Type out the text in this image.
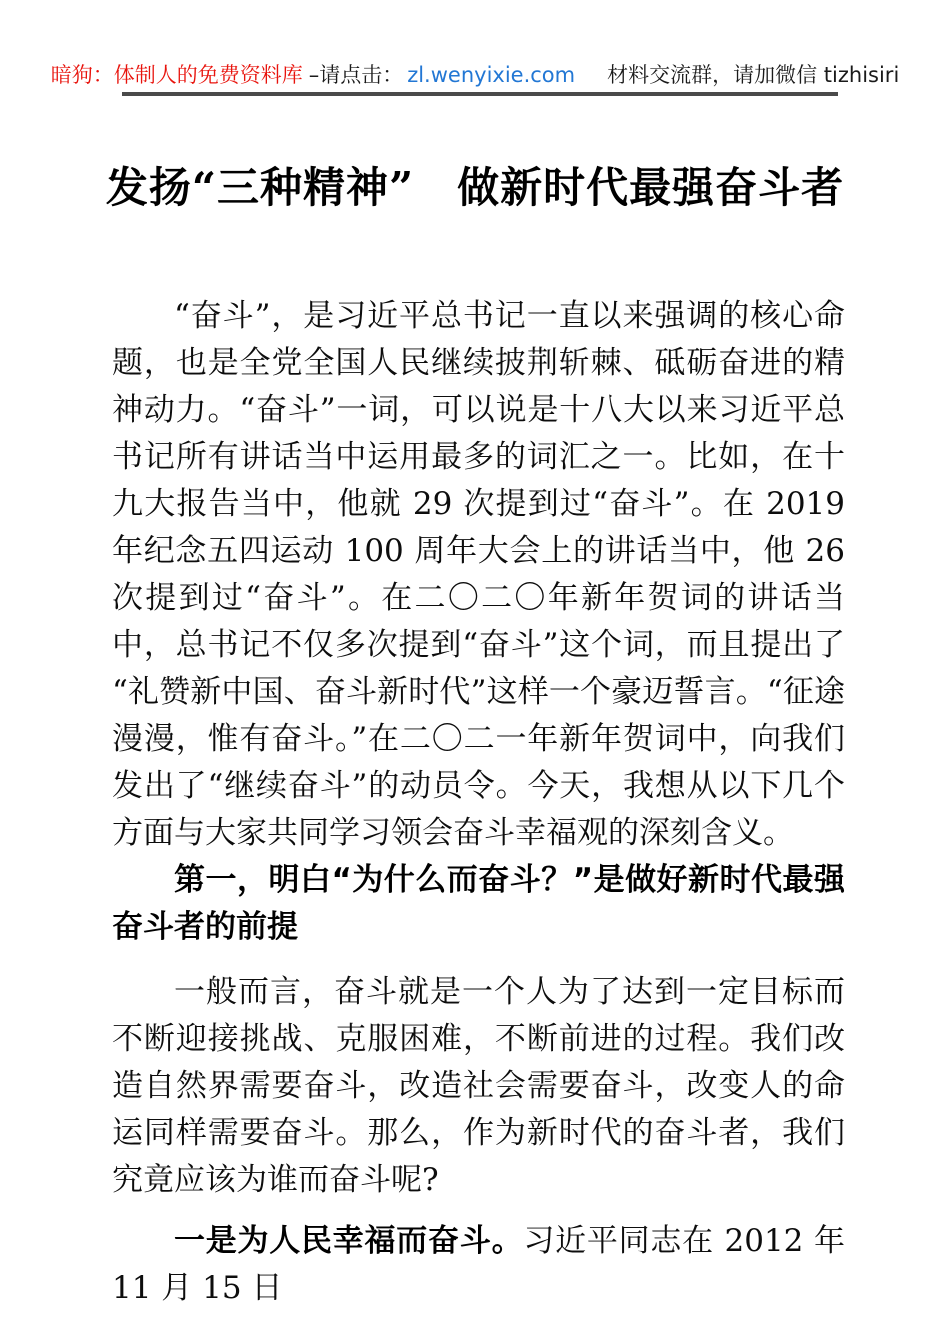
暗狗：体制人的免费资料库 –请点击： zl.wenyixie.com 材料交流群，请加微信 tizhisiri
发扬“三种精神”　做新时代最强奋斗者

“奋斗”，是习近平总书记一直以来强调的核心命题，也是全党全国人民继续披荆斩棘、砥砺奋进的精神动力。“奋斗”一词，可以说是十八大以来习近平总书记所有讲话当中运用最多的词汇之一。比如，在十九大报告当中，他就 29 次提到过“奋斗”。在 2019 年纪念五四运动 100 周年大会上的讲话当中，他 26 次提到过“奋斗”。在二〇二〇年新年贺词的讲话当中，总书记不仅多次提到“奋斗”这个词，而且提出了“礼赞新中国、奋斗新时代”这样一个豪迈誓言。“征途漫漫，惟有奋斗。”在二〇二一年新年贺词中，向我们发出了“继续奋斗”的动员令。今天，我想从以下几个方面与大家共同学习领会奋斗幸福观的深刻含义。

第一，明白“为什么而奋斗？”是做好新时代最强奋斗者的前提

一般而言，奋斗就是一个人为了达到一定目标而不断迎接挑战、克服困难，不断前进的过程。我们改造自然界需要奋斗，改造社会需要奋斗，改变人的命运同样需要奋斗。那么，作为新时代的奋斗者，我们究竟应该为谁而奋斗呢?

一是为人民幸福而奋斗。习近平同志在 2012 年 11 月 15 日
